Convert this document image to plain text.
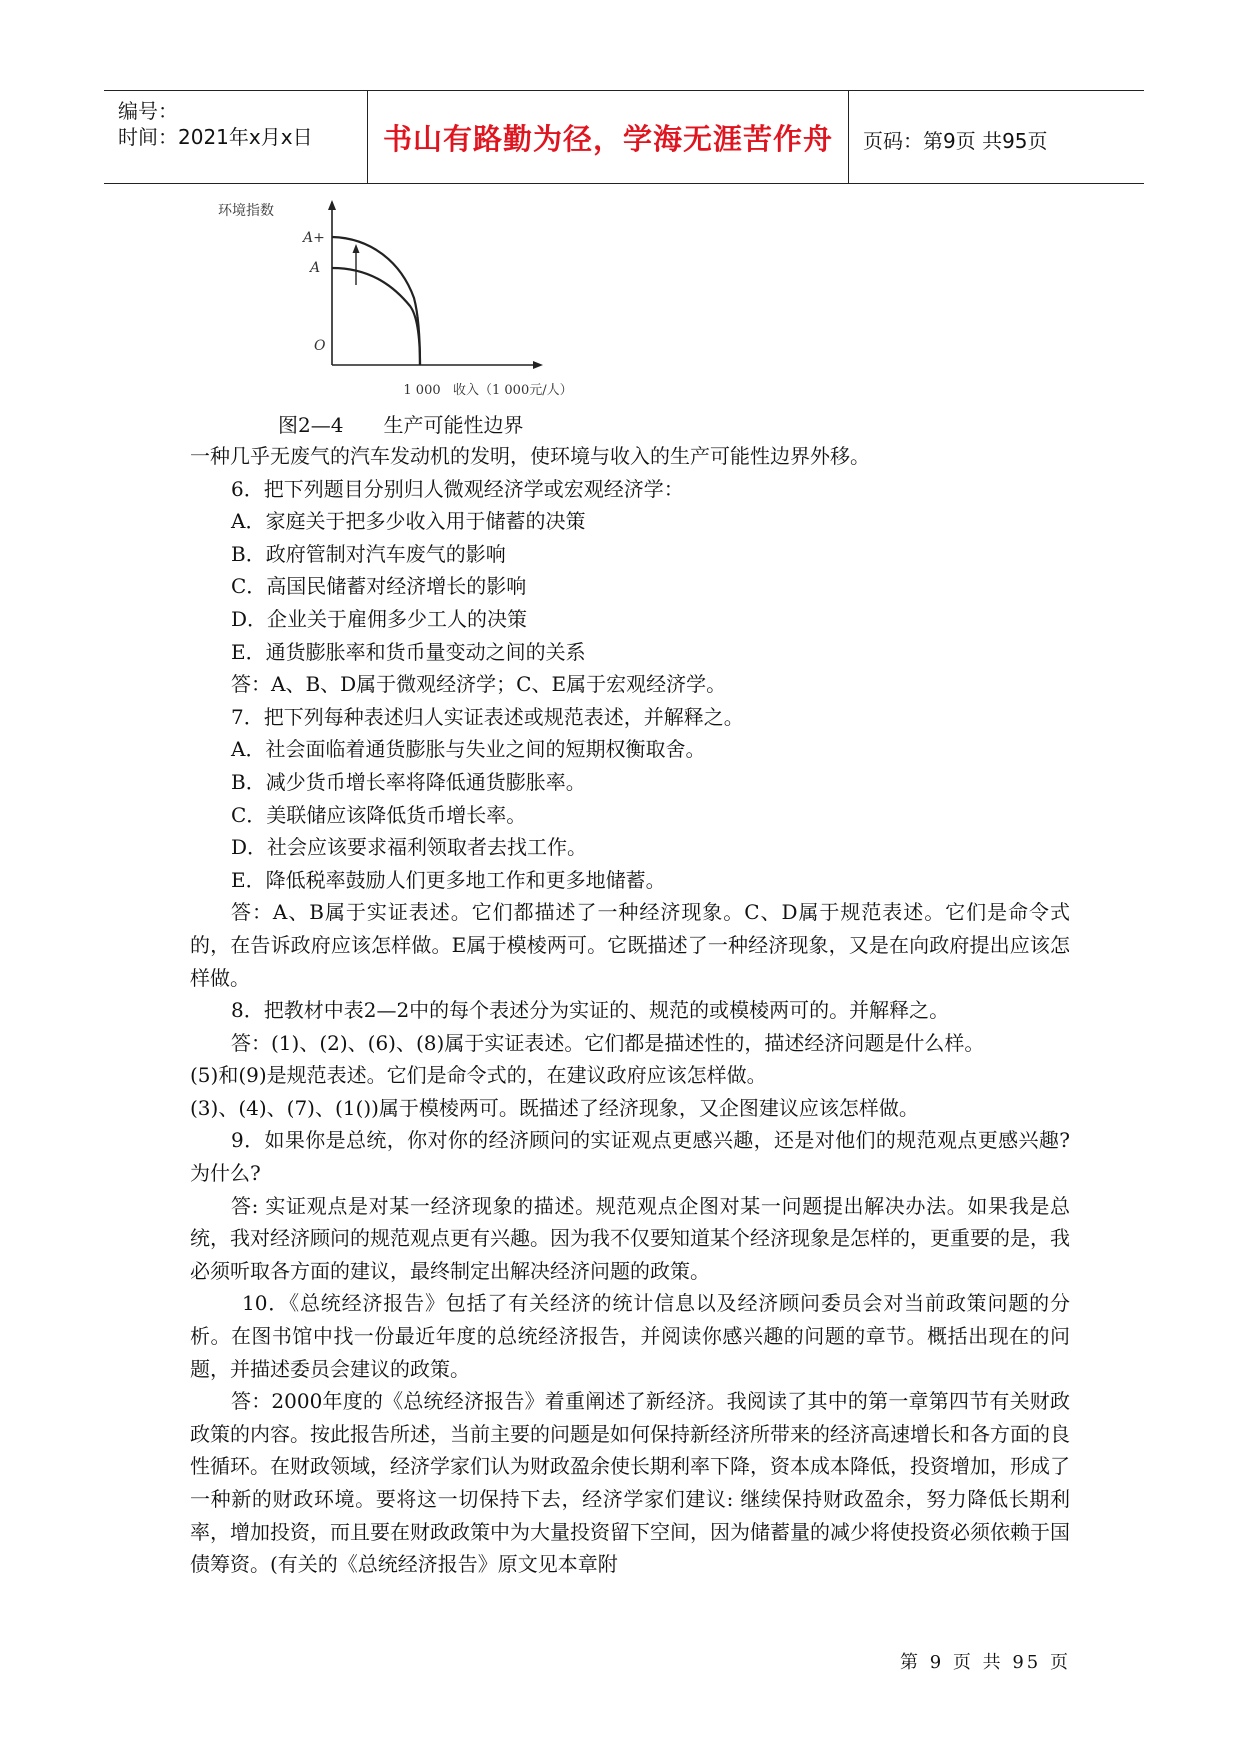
编号：
时间：2021年x月x日	书山有路勤为径，学海无涯苦作舟	页码：第9页 共95页
环境指数
A+
A
O
1 000 收入（1 000元/人）
图2—4 生产可能性边界

一种几乎无废气的汽车发动机的发明，使环境与收入的生产可能性边界外移。

6．把下列题目分别归人微观经济学或宏观经济学：

A．家庭关于把多少收入用于储蓄的决策

B．政府管制对汽车废气的影响

C．高国民储蓄对经济增长的影响

D．企业关于雇佣多少工人的决策

E．通货膨胀率和货币量变动之间的关系

答：A、B、D属于微观经济学；C、E属于宏观经济学。

7．把下列每种表述归人实证表述或规范表述，并解释之。

A．社会面临着通货膨胀与失业之间的短期权衡取舍。

B．减少货币增长率将降低通货膨胀率。

C．美联储应该降低货币增长率。

D．社会应该要求福利领取者去找工作。

E．降低税率鼓励人们更多地工作和更多地储蓄。

答：A、B属于实证表述。它们都描述了一种经济现象。C、D属于规范表述。它们是命令式的，在告诉政府应该怎样做。E属于模棱两可。它既描述了一种经济现象，又是在向政府提出应该怎样做。

8．把教材中表2—2中的每个表述分为实证的、规范的或模棱两可的。并解释之。

答：(1)、(2)、(6)、(8)属于实证表述。它们都是描述性的，描述经济问题是什么样。

(5)和(9)是规范表述。它们是命令式的，在建议政府应该怎样做。

(3)、(4)、(7)、(1())属于模棱两可。既描述了经济现象，又企图建议应该怎样做。

9．如果你是总统，你对你的经济顾问的实证观点更感兴趣，还是对他们的规范观点更感兴趣?为什么?

答: 实证观点是对某一经济现象的描述。规范观点企图对某一问题提出解决办法。如果我是总统，我对经济顾问的规范观点更有兴趣。因为我不仅要知道某个经济现象是怎样的，更重要的是，我必须听取各方面的建议，最终制定出解决经济问题的政策。

10．《总统经济报告》包括了有关经济的统计信息以及经济顾问委员会对当前政策问题的分析。在图书馆中找一份最近年度的总统经济报告，并阅读你感兴趣的问题的章节。概括出现在的问题，并描述委员会建议的政策。

答：2000年度的《总统经济报告》着重阐述了新经济。我阅读了其中的第一章第四节有关财政政策的内容。按此报告所述，当前主要的问题是如何保持新经济所带来的经济高速增长和各方面的良性循环。在财政领域，经济学家们认为财政盈余使长期利率下降，资本成本降低，投资增加，形成了一种新的财政环境。要将这一切保持下去，经济学家们建议: 继续保持财政盈余，努力降低长期利率，增加投资，而且要在财政政策中为大量投资留下空间，因为储蓄量的减少将使投资必须依赖于国债筹资。(有关的《总统经济报告》原文见本章附

第 9 页 共 95 页
